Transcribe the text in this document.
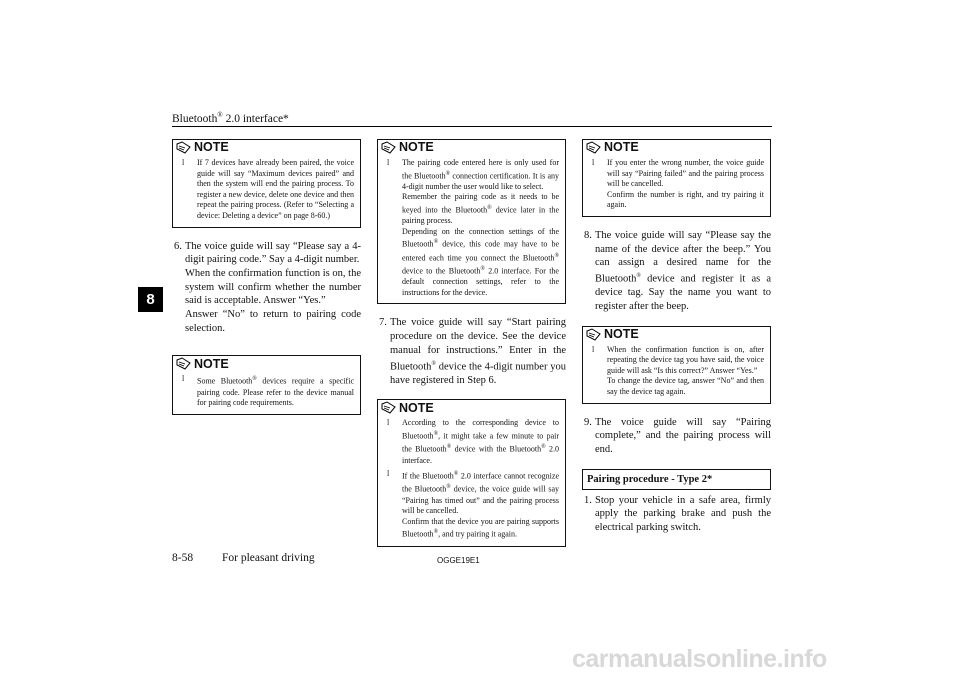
Bluetooth® 2.0 interface*
8
NOTE
l If 7 devices have already been paired, the voice guide will say “Maximum devices paired” and then the system will end the pairing process. To register a new device, delete one device and then repeat the pairing process. (Refer to “Selecting a device: Deleting a device” on page 8-60.)
6. The voice guide will say “Please say a 4-digit pairing code.” Say a 4-digit number.
When the confirmation function is on, the system will confirm whether the number said is acceptable. Answer “Yes.”
Answer “No” to return to pairing code selection.
NOTE
l Some Bluetooth® devices require a specific pairing code. Please refer to the device manual for pairing code requirements.
NOTE
l The pairing code entered here is only used for the Bluetooth® connection certification. It is any 4-digit number the user would like to select.
Remember the pairing code as it needs to be keyed into the Bluetooth® device later in the pairing process.
Depending on the connection settings of the Bluetooth® device, this code may have to be entered each time you connect the Bluetooth® device to the Bluetooth® 2.0 interface. For the default connection settings, refer to the instructions for the device.
7. The voice guide will say “Start pairing procedure on the device. See the device manual for instructions.” Enter in the Bluetooth® device the 4-digit number you have registered in Step 6.
NOTE
l According to the corresponding device to Bluetooth®, it might take a few minute to pair the Bluetooth® device with the Bluetooth® 2.0 interface.
l If the Bluetooth® 2.0 interface cannot recognize the Bluetooth® device, the voice guide will say “Pairing has timed out” and the pairing process will be cancelled.
Confirm that the device you are pairing supports Bluetooth®, and try pairing it again.
NOTE
l If you enter the wrong number, the voice guide will say “Pairing failed” and the pairing process will be cancelled.
Confirm the number is right, and try pairing it again.
8. The voice guide will say “Please say the name of the device after the beep.” You can assign a desired name for the Bluetooth® device and register it as a device tag. Say the name you want to register after the beep.
NOTE
l When the confirmation function is on, after repeating the device tag you have said, the voice guide will ask “Is this correct?” Answer “Yes.”
To change the device tag, answer “No” and then say the device tag again.
9. The voice guide will say “Pairing complete,” and the pairing process will end.
Pairing procedure - Type 2*
1. Stop your vehicle in a safe area, firmly apply the parking brake and push the electrical parking switch.
8-58	For pleasant driving	OGGE19E1
carmanualsonline.info
